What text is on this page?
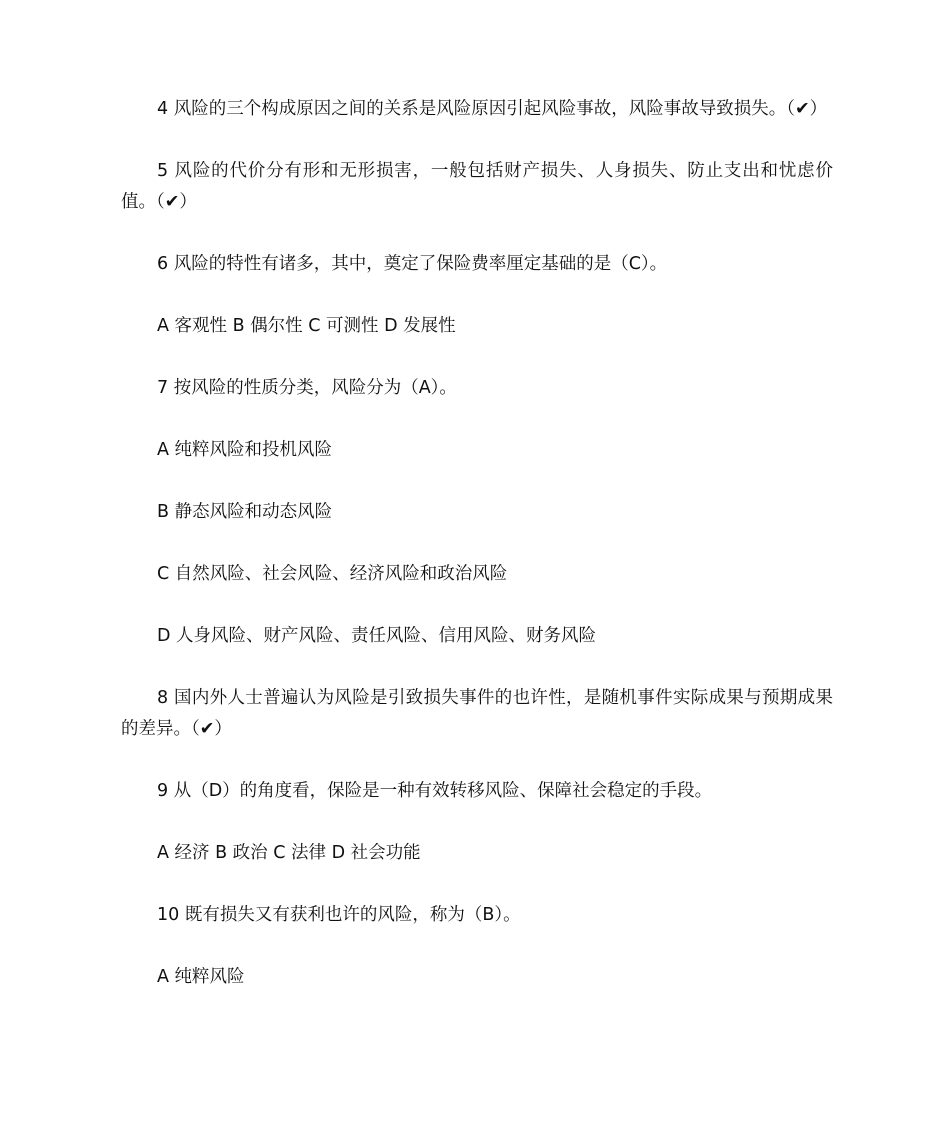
4 风险的三个构成原因之间的关系是风险原因引起风险事故，风险事故导致损失。（✔）

5 风险的代价分有形和无形损害，一般包括财产损失、人身损失、防止支出和忧虑价值。（✔）

6 风险的特性有诸多，其中，奠定了保险费率厘定基础的是（C）。

A 客观性 B 偶尔性 C 可测性 D 发展性

7 按风险的性质分类，风险分为（A）。

A 纯粹风险和投机风险

B 静态风险和动态风险

C 自然风险、社会风险、经济风险和政治风险

D 人身风险、财产风险、责任风险、信用风险、财务风险

8 国内外人士普遍认为风险是引致损失事件的也许性，是随机事件实际成果与预期成果的差异。（✔）

9 从（D）的角度看，保险是一种有效转移风险、保障社会稳定的手段。

A 经济 B 政治 C 法律 D 社会功能

10 既有损失又有获利也许的风险，称为（B）。

A 纯粹风险
